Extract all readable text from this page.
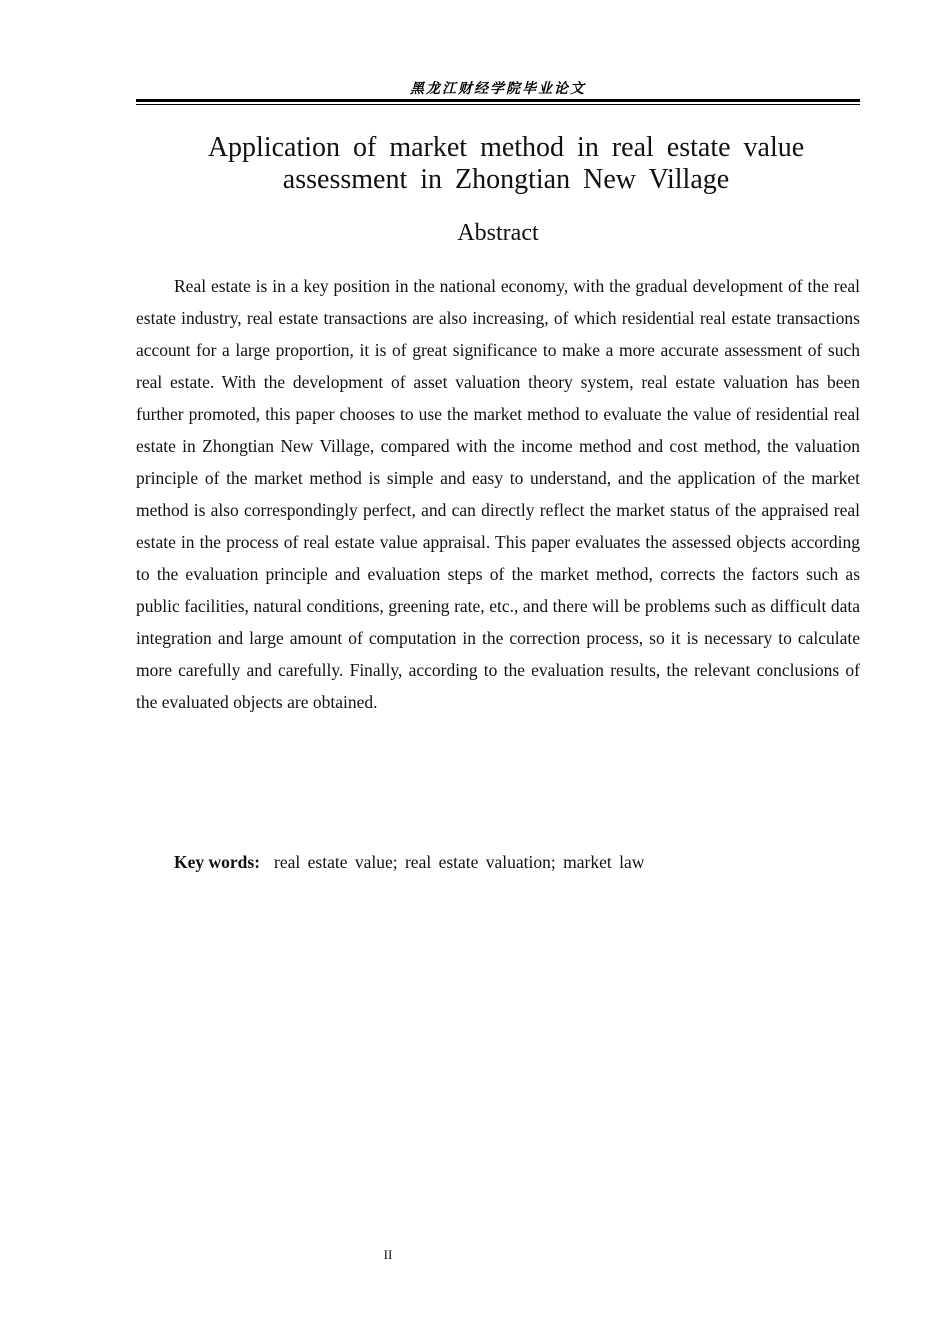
黑龙江财经学院毕业论文
Application of market method in real estate value assessment in Zhongtian New Village
Abstract

Real estate is in a key position in the national economy, with the gradual development of the real estate industry, real estate transactions are also increasing, of which residential real estate transactions account for a large proportion, it is of great significance to make a more accurate assessment of such real estate. With the development of asset valuation theory system, real estate valuation has been further promoted, this paper chooses to use the market method to evaluate the value of residential real estate in Zhongtian New Village, compared with the income method and cost method, the valuation principle of the market method is simple and easy to understand, and the application of the market method is also correspondingly perfect, and can directly reflect the market status of the appraised real estate in the process of real estate value appraisal. This paper evaluates the assessed objects according to the evaluation principle and evaluation steps of the market method, corrects the factors such as public facilities, natural conditions, greening rate, etc., and there will be problems such as difficult data integration and large amount of computation in the correction process, so it is necessary to calculate more carefully and carefully. Finally, according to the evaluation results, the relevant conclusions of the evaluated objects are obtained.

Key words: real estate value; real estate valuation; market law
II
